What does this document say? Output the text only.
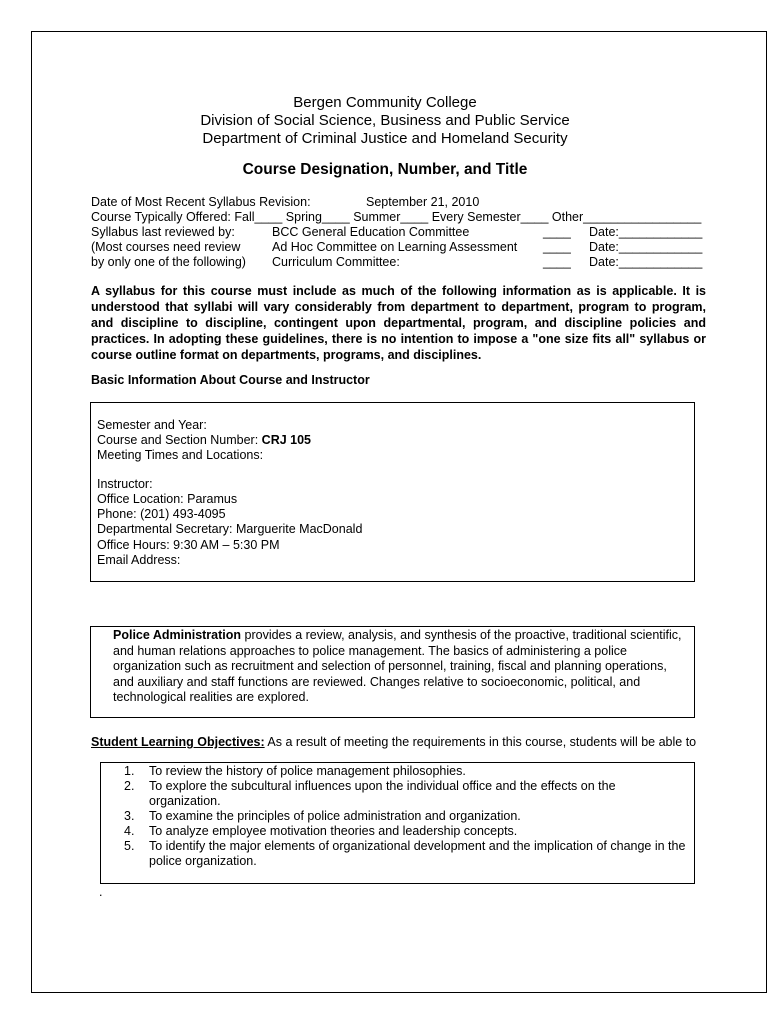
Bergen Community College
Division of Social Science, Business and Public Service
Department of Criminal Justice and Homeland Security
Course Designation, Number, and Title
Date of Most Recent Syllabus Revision:	September 21, 2010
Course Typically Offered: Fall____ Spring____ Summer____ Every Semester____ Other_________________
Syllabus last reviewed by:
(Most courses need review
by only one of the following)
BCC General Education Committee
Ad Hoc Committee on Learning Assessment
Curriculum Committee:
____
____
____
Date:____________
Date:____________
Date:____________
A syllabus for this course must include as much of the following information as is applicable. It is
understood that syllabi will vary considerably from department to department, program to program,
and discipline to discipline, contingent upon departmental, program, and discipline policies and
practices. In adopting these guidelines, there is no intention to impose a "one size fits all" syllabus or
course outline format on departments, programs, and disciplines.
Basic Information About Course and Instructor
Semester and Year:
Course and Section Number: CRJ 105
Meeting Times and Locations:
Instructor:
Office Location: Paramus
Phone: (201) 493-4095
Departmental Secretary: Marguerite MacDonald
Office Hours: 9:30 AM – 5:30 PM
Email Address:
Police Administration provides a review, analysis, and synthesis of the proactive, traditional scientific,
and human relations approaches to police management. The basics of administering a police
organization such as recruitment and selection of personnel, training, fiscal and planning operations,
and auxiliary and staff functions are reviewed. Changes relative to socioeconomic, political, and
technological realities are explored.
Student Learning Objectives: As a result of meeting the requirements in this course, students will be able to
1. To review the history of police management philosophies.
2. To explore the subcultural influences upon the individual office and the effects on the
organization.
3. To examine the principles of police administration and organization.
4. To analyze employee motivation theories and leadership concepts.
5. To identify the major elements of organizational development and the implication of change in the
police organization.
.
